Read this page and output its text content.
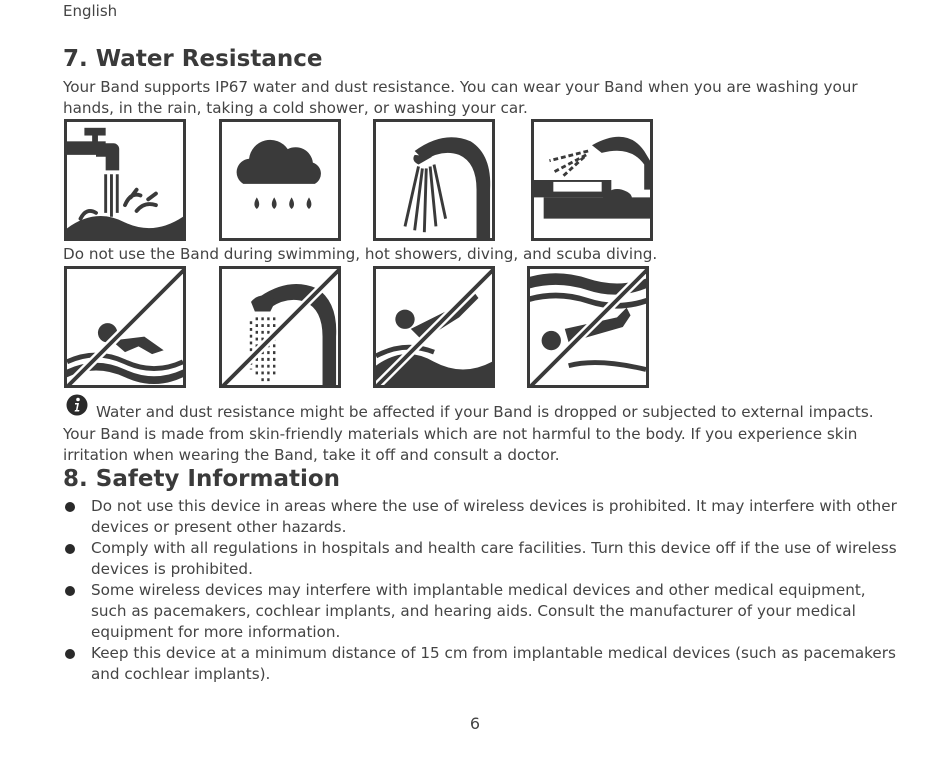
English
7. Water Resistance

Your Band supports IP67 water and dust resistance. You can wear your Band when you are washing your hands, in the rain, taking a cold shower, or washing your car.

Do not use the Band during swimming, hot showers, diving, and scuba diving.

Water and dust resistance might be affected if your Band is dropped or subjected to external impacts.

Your Band is made from skin-friendly materials which are not harmful to the body. If you experience skin irritation when wearing the Band, take it off and consult a doctor.

8. Safety Information
Do not use this device in areas where the use of wireless devices is prohibited. It may interfere with other devices or present other hazards.
Comply with all regulations in hospitals and health care facilities. Turn this device off if the use of wireless devices is prohibited.
Some wireless devices may interfere with implantable medical devices and other medical equipment, such as pacemakers, cochlear implants, and hearing aids. Consult the manufacturer of your medical equipment for more information.
Keep this device at a minimum distance of 15 cm from implantable medical devices (such as pacemakers and cochlear implants).
6
